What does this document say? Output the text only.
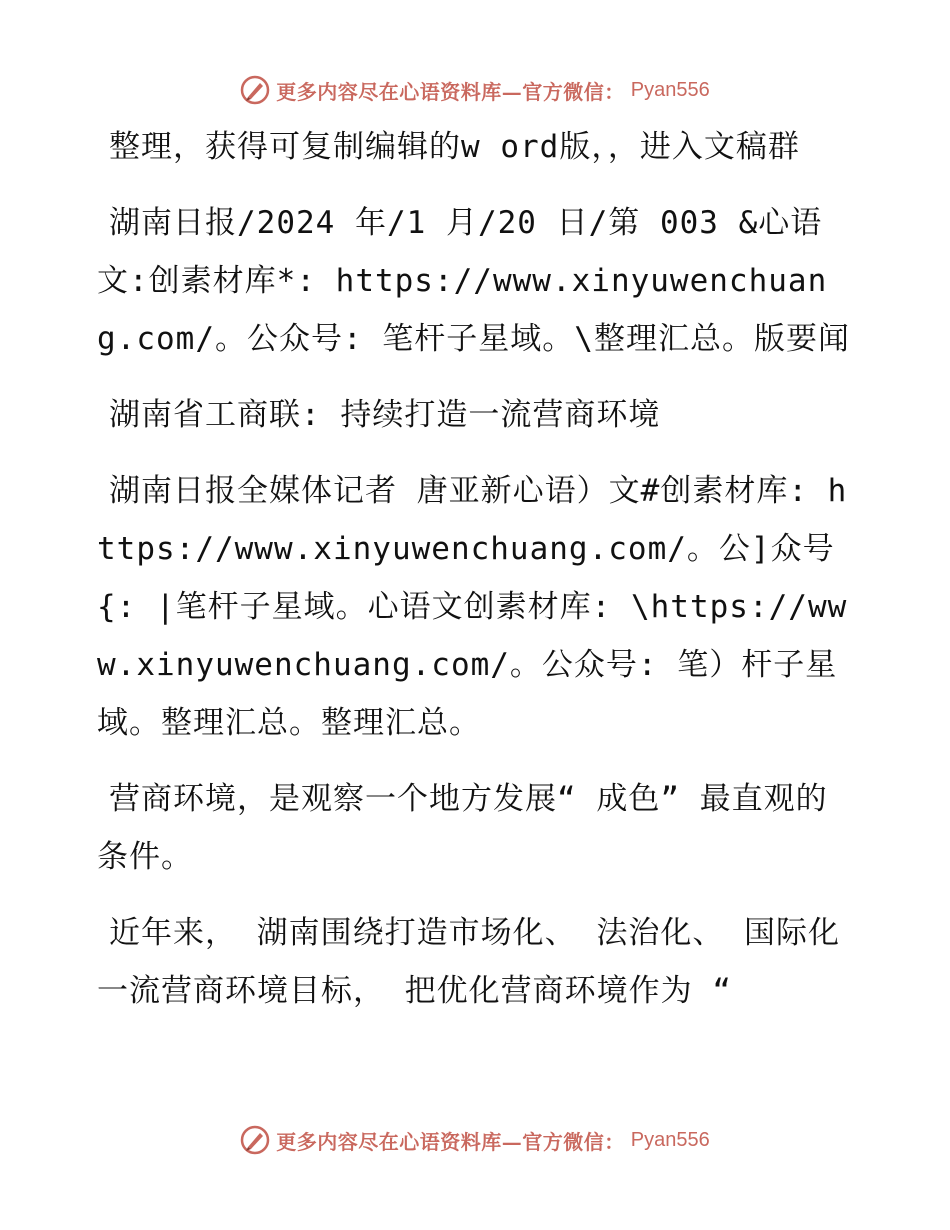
更多内容尽在心语资料库—官方微信： Pyan556

整理，获得可复制编辑的w ord版，，进入文稿群

湖南日报/2024 年/1 月/20 日/第 003 &心语文:创素材库*: https://www.xinyuwenchuang.com/。公众号: 笔杆子星域。\整理汇总。版要闻

湖南省工商联: 持续打造一流营商环境

湖南日报全媒体记者 唐亚新心语）文#创素材库: https://www.xinyuwenchuang.com/。公]众号{: |笔杆子星域。心语文创素材库: \https://www.xinyuwenchuang.com/。公众号: 笔）杆子星域。整理汇总。整理汇总。

营商环境，是观察一个地方发展“ 成色” 最直观的条件。

近年来， 湖南围绕打造市场化、 法治化、 国际化一流营商环境目标， 把优化营商环境作为 “

更多内容尽在心语资料库—官方微信： Pyan556
